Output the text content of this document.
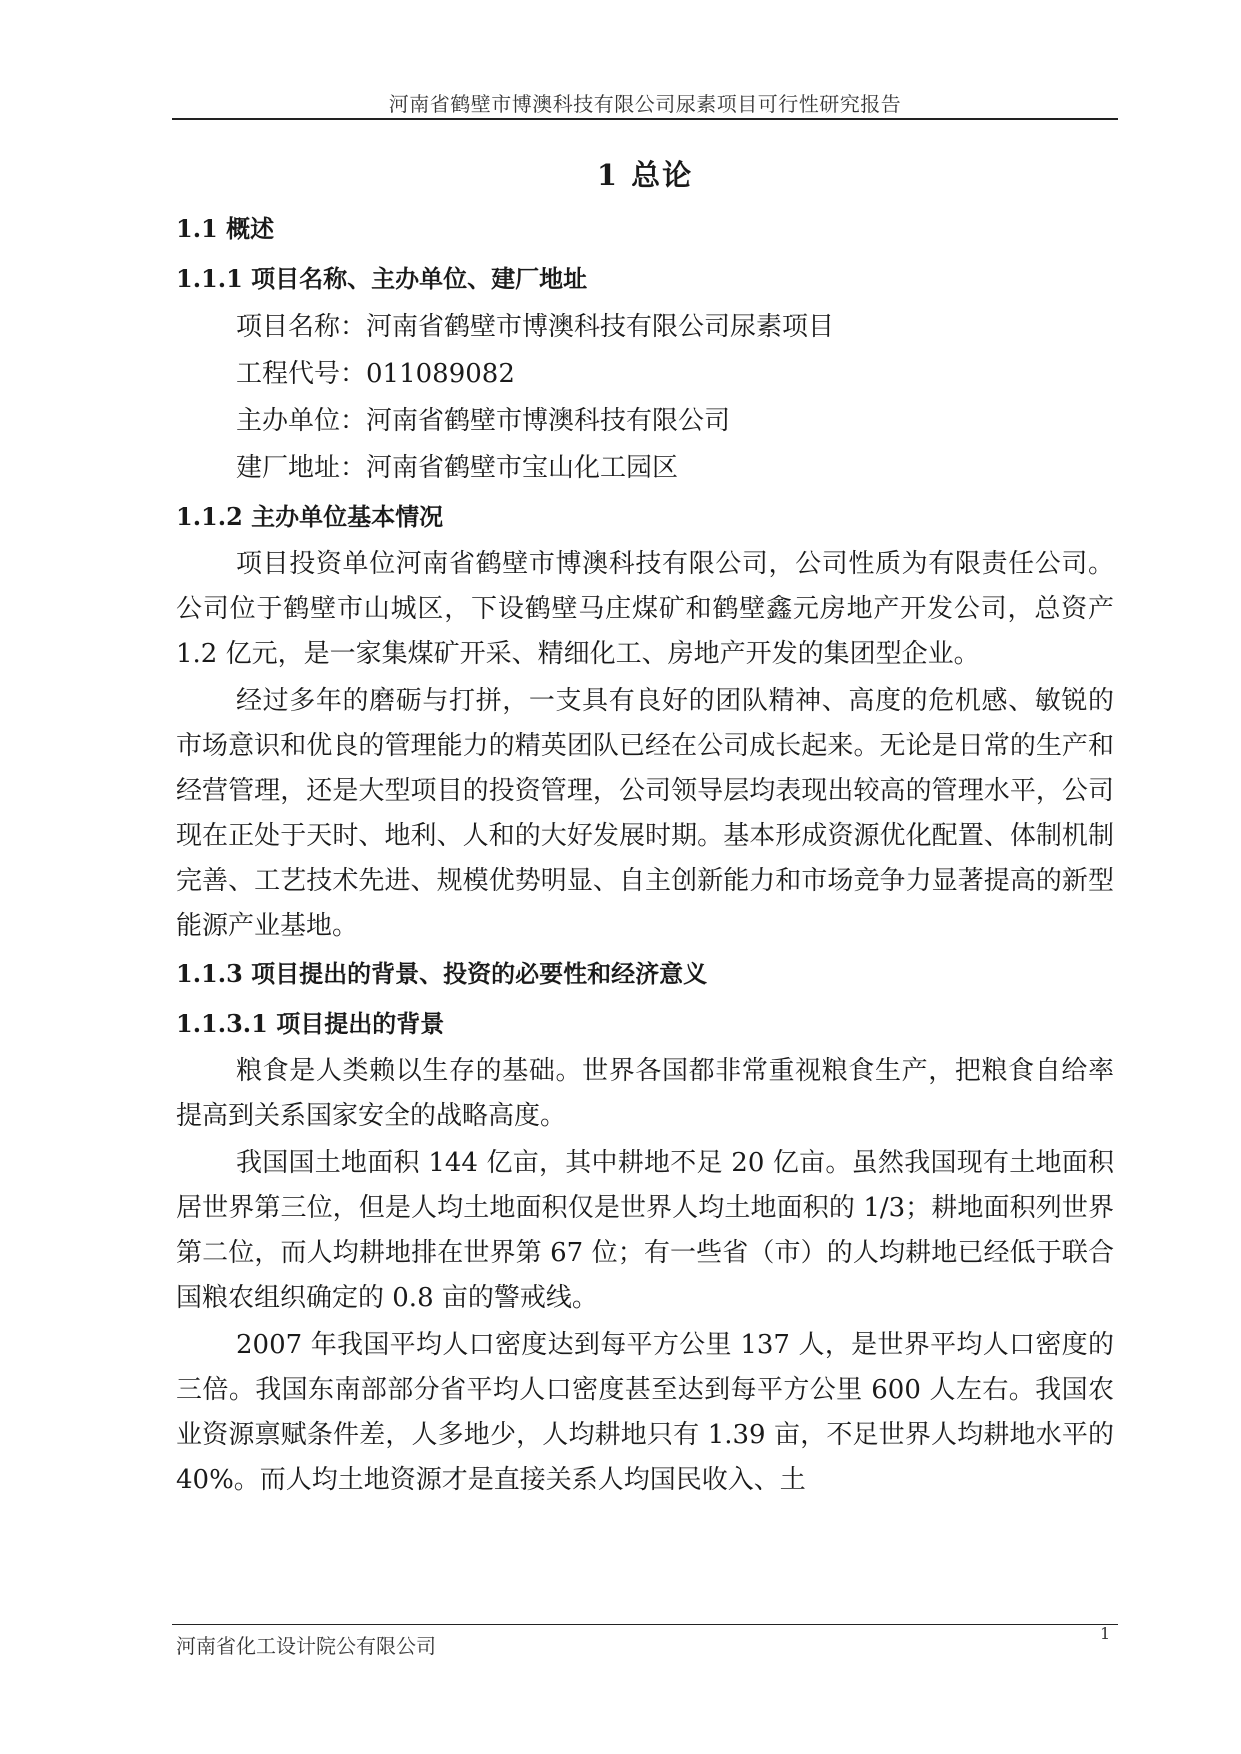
河南省鹤壁市博澳科技有限公司尿素项目可行性研究报告
1 总论
1.1 概述
1.1.1 项目名称、主办单位、建厂地址
项目名称：河南省鹤壁市博澳科技有限公司尿素项目
工程代号：011089082
主办单位：河南省鹤壁市博澳科技有限公司
建厂地址：河南省鹤壁市宝山化工园区
1.1.2 主办单位基本情况

项目投资单位河南省鹤壁市博澳科技有限公司，公司性质为有限责任公司。公司位于鹤壁市山城区，下设鹤壁马庄煤矿和鹤壁鑫元房地产开发公司，总资产 1.2 亿元，是一家集煤矿开采、精细化工、房地产开发的集团型企业。

经过多年的磨砺与打拼，一支具有良好的团队精神、高度的危机感、敏锐的市场意识和优良的管理能力的精英团队已经在公司成长起来。无论是日常的生产和经营管理，还是大型项目的投资管理，公司领导层均表现出较高的管理水平，公司现在正处于天时、地利、人和的大好发展时期。基本形成资源优化配置、体制机制完善、工艺技术先进、规模优势明显、自主创新能力和市场竞争力显著提高的新型能源产业基地。

1.1.3 项目提出的背景、投资的必要性和经济意义
1.1.3.1 项目提出的背景

粮食是人类赖以生存的基础。世界各国都非常重视粮食生产，把粮食自给率提高到关系国家安全的战略高度。

我国国土地面积 144 亿亩，其中耕地不足 20 亿亩。虽然我国现有土地面积居世界第三位，但是人均土地面积仅是世界人均土地面积的 1/3；耕地面积列世界第二位，而人均耕地排在世界第 67 位；有一些省（市）的人均耕地已经低于联合国粮农组织确定的 0.8 亩的警戒线。

2007 年我国平均人口密度达到每平方公里 137 人，是世界平均人口密度的三倍。我国东南部部分省平均人口密度甚至达到每平方公里 600 人左右。我国农业资源禀赋条件差，人多地少，人均耕地只有 1.39 亩，不足世界人均耕地水平的 40%。而人均土地资源才是直接关系人均国民收入、土

河南省化工设计院公有限公司
1
